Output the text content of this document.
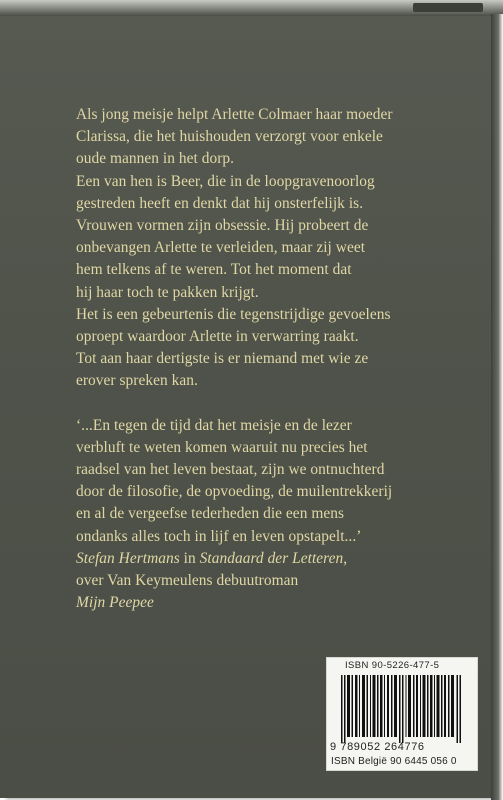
Als jong meisje helpt Arlette Colmaer haar moeder
Clarissa, die het huishouden verzorgt voor enkele
oude mannen in het dorp.

Een van hen is Beer, die in de loopgravenoorlog
gestreden heeft en denkt dat hij onsterfelijk is.
Vrouwen vormen zijn obsessie. Hij probeert de
onbevangen Arlette te verleiden, maar zij weet
hem telkens af te weren. Tot het moment dat
hij haar toch te pakken krijgt.

Het is een gebeurtenis die tegenstrijdige gevoelens
oproept waardoor Arlette in verwarring raakt.

Tot aan haar dertigste is er niemand met wie ze
erover spreken kan.

‘...En tegen de tijd dat het meisje en de lezer
verbluft te weten komen waaruit nu precies het
raadsel van het leven bestaat, zijn we ontnuchterd
door de filosofie, de opvoeding, de muilentrekkerij
en al de vergeefse tederheden die een mens
ondanks alles toch in lijf en leven opstapelt...’
Stefan Hertmans in Standaard der Letteren,
over Van Keymeulens debuutroman
Mijn Peepee

ISBN 90-5226-477-5
9 789052 264776
ISBN België 90 6445 056 0
